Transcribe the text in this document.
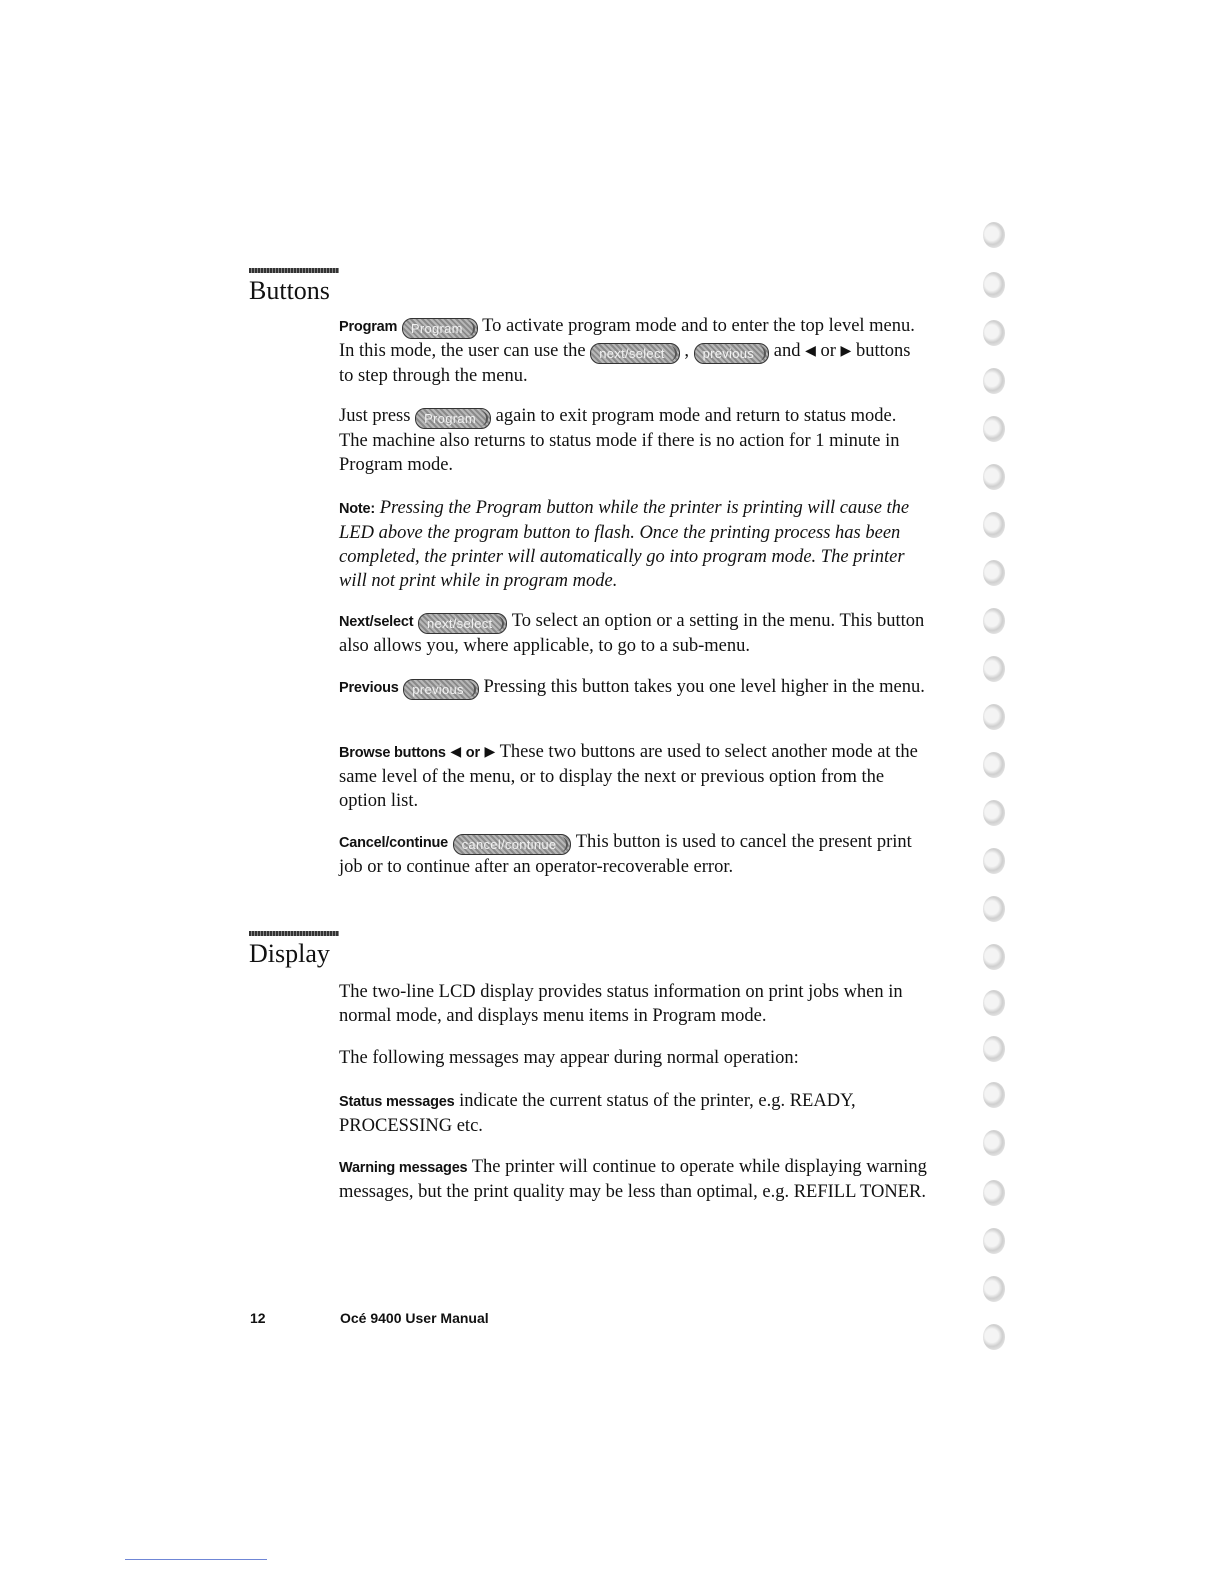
Buttons

Program Program To activate program mode and to enter the top level menu. In this mode, the user can use the next/select , previous and ◀ or ▶ buttons to step through the menu.

Just press Program again to exit program mode and return to status mode. The machine also returns to status mode if there is no action for 1 minute in Program mode.

Note: Pressing the Program button while the printer is printing will cause the LED above the program button to flash. Once the printing process has been completed, the printer will automatically go into program mode. The printer will not print while in program mode.

Next/select next/select To select an option or a setting in the menu. This button also allows you, where applicable, to go to a sub-menu.

Previous previous Pressing this button takes you one level higher in the menu.

Browse buttons ◀ or ▶ These two buttons are used to select another mode at the same level of the menu, or to display the next or previous option from the option list.

Cancel/continue cancel/continue This button is used to cancel the present print job or to continue after an operator-recoverable error.

Display

The two-line LCD display provides status information on print jobs when in normal mode, and displays menu items in Program mode.

The following messages may appear during normal operation:

Status messages indicate the current status of the printer, e.g. READY, PROCESSING etc.

Warning messages The printer will continue to operate while displaying warning messages, but the print quality may be less than optimal, e.g. REFILL TONER.

12	Océ 9400 User Manual
